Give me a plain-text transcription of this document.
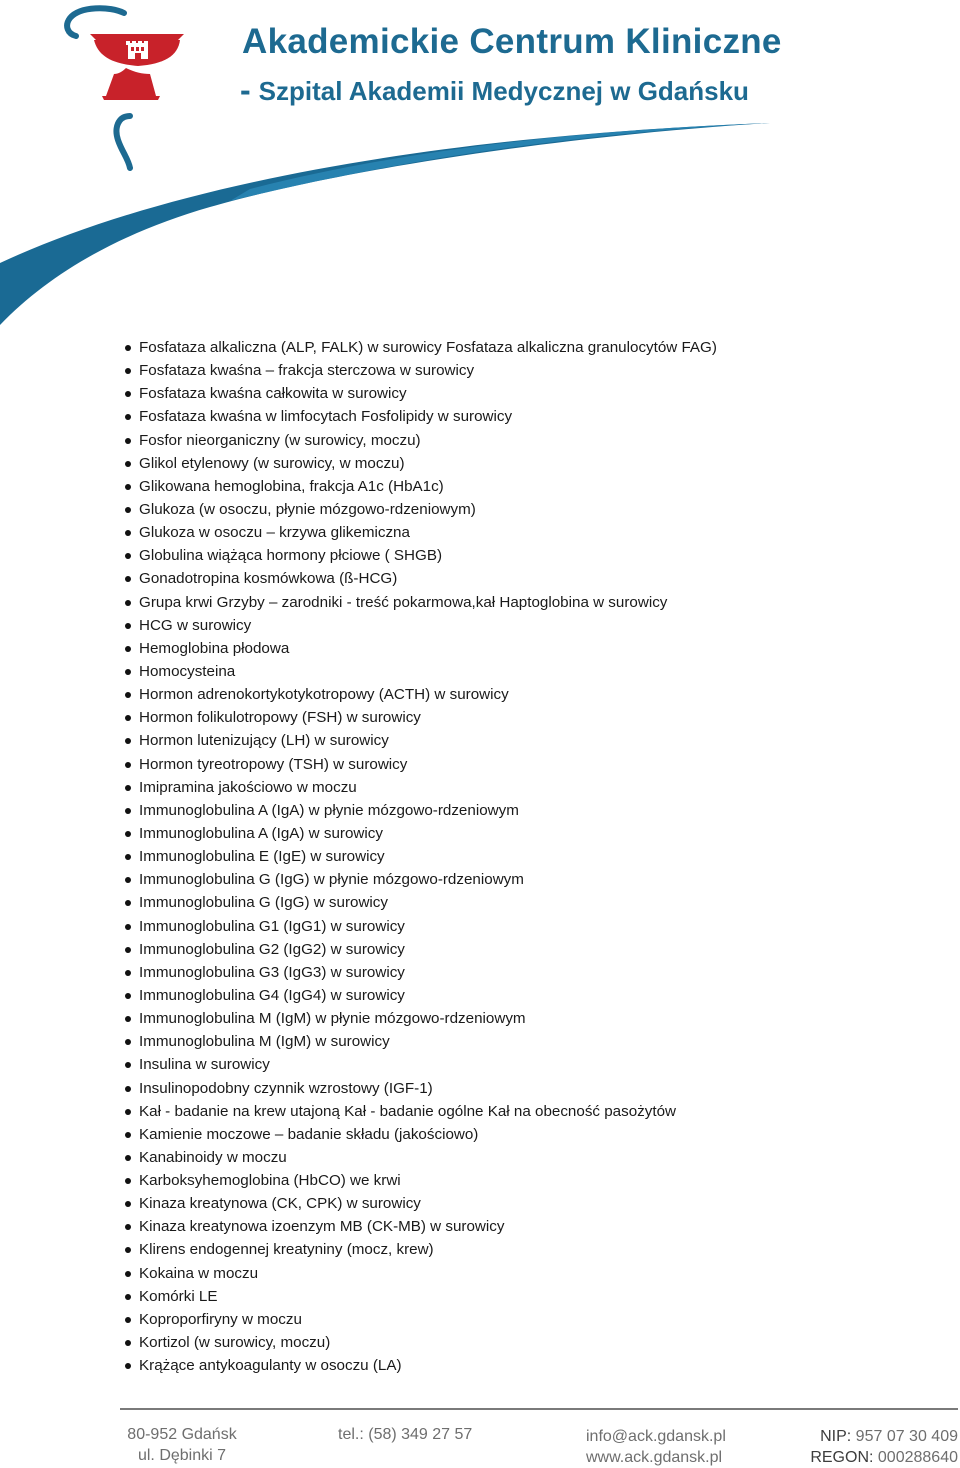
Akademickie Centrum Kliniczne
- Szpital Akademii Medycznej w Gdańsku
Fosfataza alkaliczna (ALP, FALK) w surowicy Fosfataza alkaliczna granulocytów FAG)
Fosfataza kwaśna – frakcja sterczowa w surowicy
Fosfataza kwaśna całkowita w surowicy
Fosfataza kwaśna w limfocytach Fosfolipidy w surowicy
Fosfor nieorganiczny (w surowicy, moczu)
Glikol etylenowy (w surowicy, w moczu)
Glikowana hemoglobina, frakcja A1c (HbA1c)
Glukoza (w osoczu, płynie mózgowo-rdzeniowym)
Glukoza w osoczu – krzywa glikemiczna
Globulina wiążąca hormony płciowe ( SHGB)
Gonadotropina kosmówkowa (ß-HCG)
Grupa krwi Grzyby – zarodniki - treść pokarmowa,kał Haptoglobina w surowicy
HCG w surowicy
Hemoglobina płodowa
Homocysteina
Hormon adrenokortykotykotropowy (ACTH) w surowicy
Hormon folikulotropowy (FSH) w surowicy
Hormon lutenizujący (LH) w surowicy
Hormon tyreotropowy (TSH) w surowicy
Imipramina jakościowo w moczu
Immunoglobulina A (IgA) w płynie mózgowo-rdzeniowym
Immunoglobulina A (IgA) w surowicy
Immunoglobulina E (IgE) w surowicy
Immunoglobulina G (IgG) w płynie mózgowo-rdzeniowym
Immunoglobulina G (IgG) w surowicy
Immunoglobulina G1 (IgG1) w surowicy
Immunoglobulina G2 (IgG2) w surowicy
Immunoglobulina G3 (IgG3) w surowicy
Immunoglobulina G4 (IgG4) w surowicy
Immunoglobulina M (IgM) w płynie mózgowo-rdzeniowym
Immunoglobulina M (IgM) w surowicy
Insulina w surowicy
Insulinopodobny czynnik wzrostowy (IGF-1)
Kał - badanie na krew utajoną Kał - badanie ogólne Kał na obecność pasożytów
Kamienie moczowe – badanie składu (jakościowo)
Kanabinoidy w moczu
Karboksyhemoglobina (HbCO) we krwi
Kinaza kreatynowa (CK, CPK) w surowicy
Kinaza kreatynowa izoenzym MB (CK-MB) w surowicy
Klirens endogennej kreatyniny (mocz, krew)
Kokaina w moczu
Komórki LE
Koproporfiryny w moczu
Kortizol (w surowicy, moczu)
Krążące antykoagulanty w osoczu (LA)
80-952 Gdańsk
ul. Dębinki 7
tel.: (58) 349 27 57	info@ack.gdansk.pl
www.ack.gdansk.pl
NIP: 957 07 30 409
REGON: 000288640
